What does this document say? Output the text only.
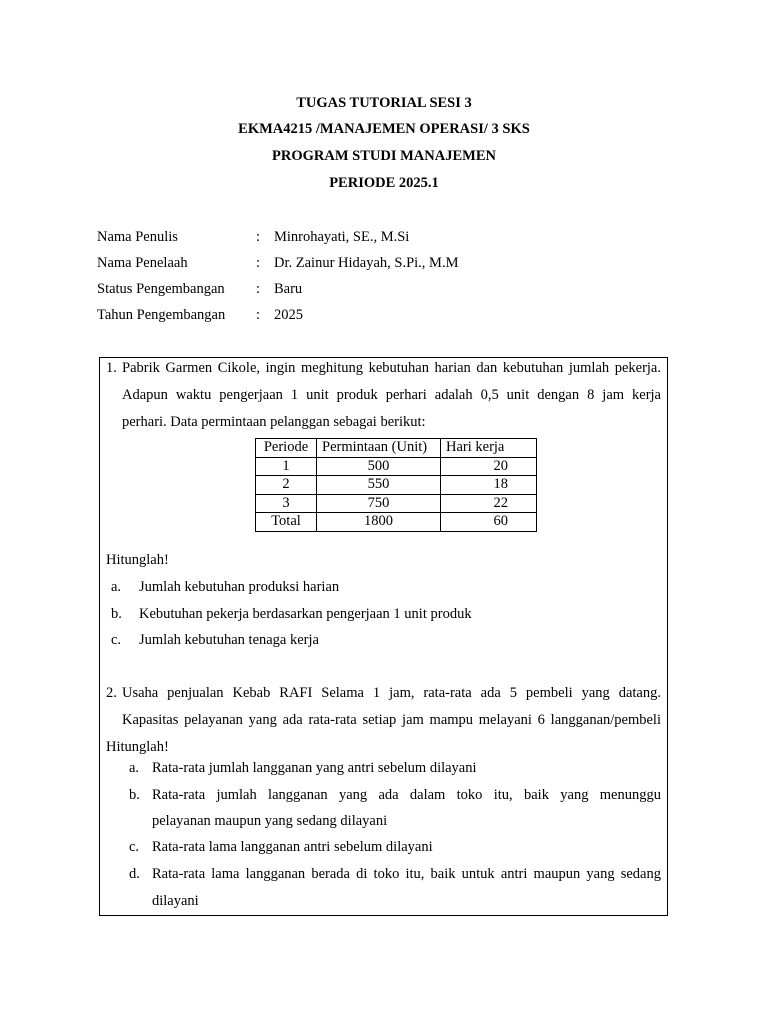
TUGAS TUTORIAL SESI 3
EKMA4215 /MANAJEMEN OPERASI/ 3 SKS
PROGRAM STUDI MANAJEMEN
PERIODE 2025.1
Nama Penulis	: Minrohayati, SE., M.Si
Nama Penelaah	: Dr. Zainur Hidayah, S.Pi., M.M
Status Pengembangan : Baru
Tahun Pengembangan : 2025
1. Pabrik Garmen Cikole, ingin meghitung kebutuhan harian dan kebutuhan jumlah pekerja.
Adapun waktu pengerjaan 1 unit produk perhari adalah 0,5 unit dengan 8 jam kerja
perhari. Data permintaan pelanggan sebagai berikut:
Periode	Permintaan (Unit)	Hari kerja
1	500	20
2	550	18
3	750	22
Total	1800	60
Hitunglah!
a. Jumlah kebutuhan produksi harian
b. Kebutuhan pekerja berdasarkan pengerjaan 1 unit produk
c. Jumlah kebutuhan tenaga kerja
2. Usaha penjualan Kebab RAFI Selama 1 jam, rata-rata ada 5 pembeli yang datang.
Kapasitas pelayanan yang ada rata-rata setiap jam mampu melayani 6 langganan/pembeli
Hitunglah!
a. Rata-rata jumlah langganan yang antri sebelum dilayani
b. Rata-rata jumlah langganan yang ada dalam toko itu, baik yang menunggu
pelayanan maupun yang sedang dilayani
c. Rata-rata lama langganan antri sebelum dilayani
d. Rata-rata lama langganan berada di toko itu, baik untuk antri maupun yang sedang
dilayani
